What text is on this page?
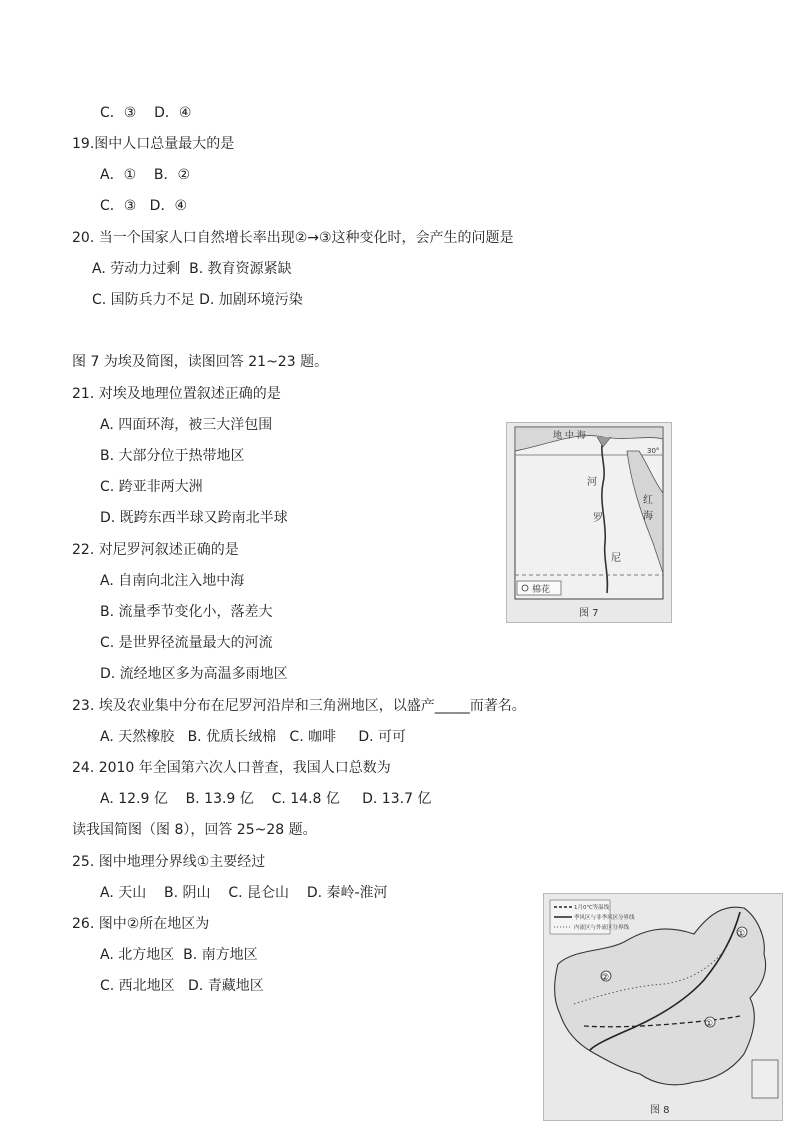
C．③    D．④
19.图中人口总量最大的是
A．①    B．②
C．③   D．④
20. 当一个国家人口自然增长率出现②→③这种变化时，会产生的问题是
A. 劳动力过剩  B. 教育资源紧缺
C. 国防兵力不足 D. 加剧环境污染
图 7 为埃及简图，读图回答 21~23 题。
21. 对埃及地理位置叙述正确的是
A. 四面环海，被三大洋包围
B. 大部分位于热带地区
C. 跨亚非两大洲
D. 既跨东西半球又跨南北半球
22. 对尼罗河叙述正确的是
A. 自南向北注入地中海
B. 流量季节变化小，落差大
C. 是世界径流量最大的河流
D. 流经地区多为高温多雨地区
23. 埃及农业集中分布在尼罗河沿岸和三角洲地区，以盛产_____而著名。
A. 天然橡胶   B. 优质长绒棉   C. 咖啡     D. 可可
24. 2010 年全国第六次人口普查，我国人口总数为
A. 12.9 亿    B. 13.9 亿    C. 14.8 亿     D. 13.7 亿
读我国简图（图 8），回答 25~28 题。
25. 图中地理分界线①主要经过
A. 天山    B. 阴山    C. 昆仑山    D. 秦岭-淮河
26. 图中②所在地区为
A. 北方地区  B. 南方地区
C. 西北地区   D. 青藏地区
地 中 海
30°
红
海
河
罗
尼
棉花
图 7
1月0℃等温线
季风区与非季风区分界线
内流区与外流区分界线
①
②
①
图 8
